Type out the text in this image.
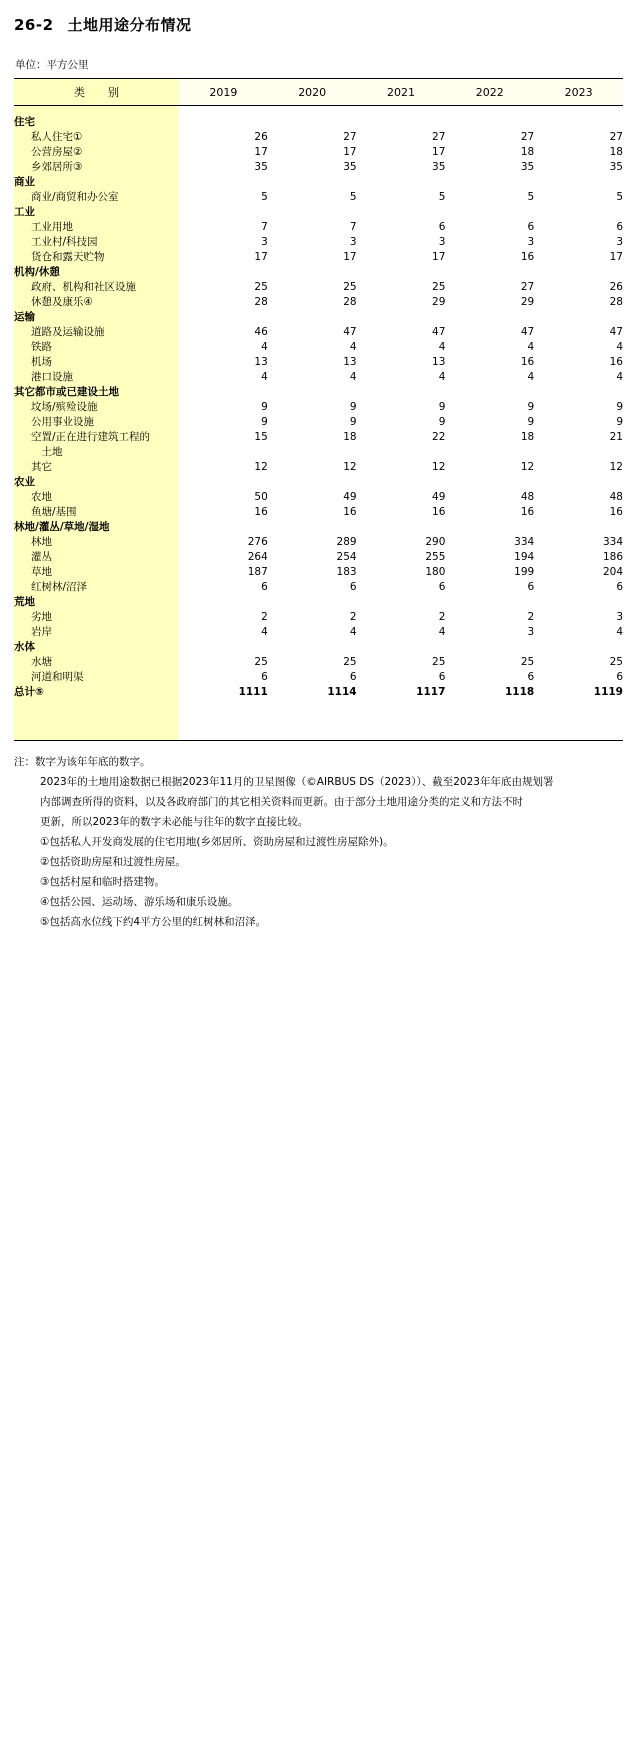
26-2 土地用途分布情况
单位：平方公里
类　别	2019	2020	2021	2022	2023

住宅					
私人住宅①	26	27	27	27	27
公营房屋②	17	17	17	18	18
乡郊居所③	35	35	35	35	35
商业					
商业/商贸和办公室	5	5	5	5	5
工业					
工业用地	7	7	6	6	6
工业村/科技园	3	3	3	3	3
货仓和露天贮物	17	17	17	16	17
机构/休憩					
政府、机构和社区设施	25	25	25	27	26
休憩及康乐④	28	28	29	29	28
运输					
道路及运输设施	46	47	47	47	47
铁路	4	4	4	4	4
机场	13	13	13	16	16
港口设施	4	4	4	4	4
其它都市或已建设土地					
坟场/殡殓设施	9	9	9	9	9
公用事业设施	9	9	9	9	9
空置/正在进行建筑工程的	15	18	22	18	21
　土地					
其它	12	12	12	12	12
农业					
农地	50	49	49	48	48
鱼塘/基围	16	16	16	16	16
林地/灌丛/草地/湿地					
林地	276	289	290	334	334
灌丛	264	254	255	194	186
草地	187	183	180	199	204
红树林/沼泽	6	6	6	6	6
荒地					
劣地	2	2	2	2	3
岩岸	4	4	4	3	4
水体					
水塘	25	25	25	25	25
河道和明渠	6	6	6	6	6
总计⑤	1111	1114	1117	1118	1119

注：数字为该年年底的数字。
2023年的土地用途数据已根据2023年11月的卫星图像（©AIRBUS DS（2023））、截至2023年年底由规划署
内部调查所得的资料，以及各政府部门的其它相关资料而更新。由于部分土地用途分类的定义和方法不时
更新，所以2023年的数字未必能与往年的数字直接比较。
①包括私人开发商发展的住宅用地(乡郊居所、资助房屋和过渡性房屋除外)。
②包括资助房屋和过渡性房屋。
③包括村屋和临时搭建物。
④包括公园、运动场、游乐场和康乐设施。
⑤包括高水位线下约4平方公里的红树林和沼泽。
